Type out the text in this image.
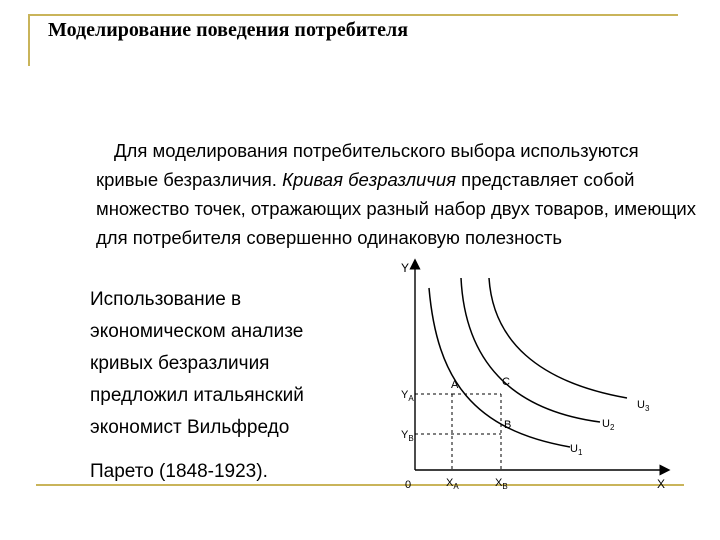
Моделирование поведения потребителя

Для моделирования потребительского выбора используются кривые безразличия. Кривая безразличия представляет собой множество точек, отражающих разный набор двух товаров, имеющих для потребителя совершенно одинаковую полезность

Использование в
экономическом анализе
кривых безразличия
предложил итальянский
экономист Вильфредо
Парето (1848-1923).
Y
X
0
$Y_A$
$Y_B$
$X_A$	$X_B$
A	C
B
$U_1$
$U_2$
$U_3$
